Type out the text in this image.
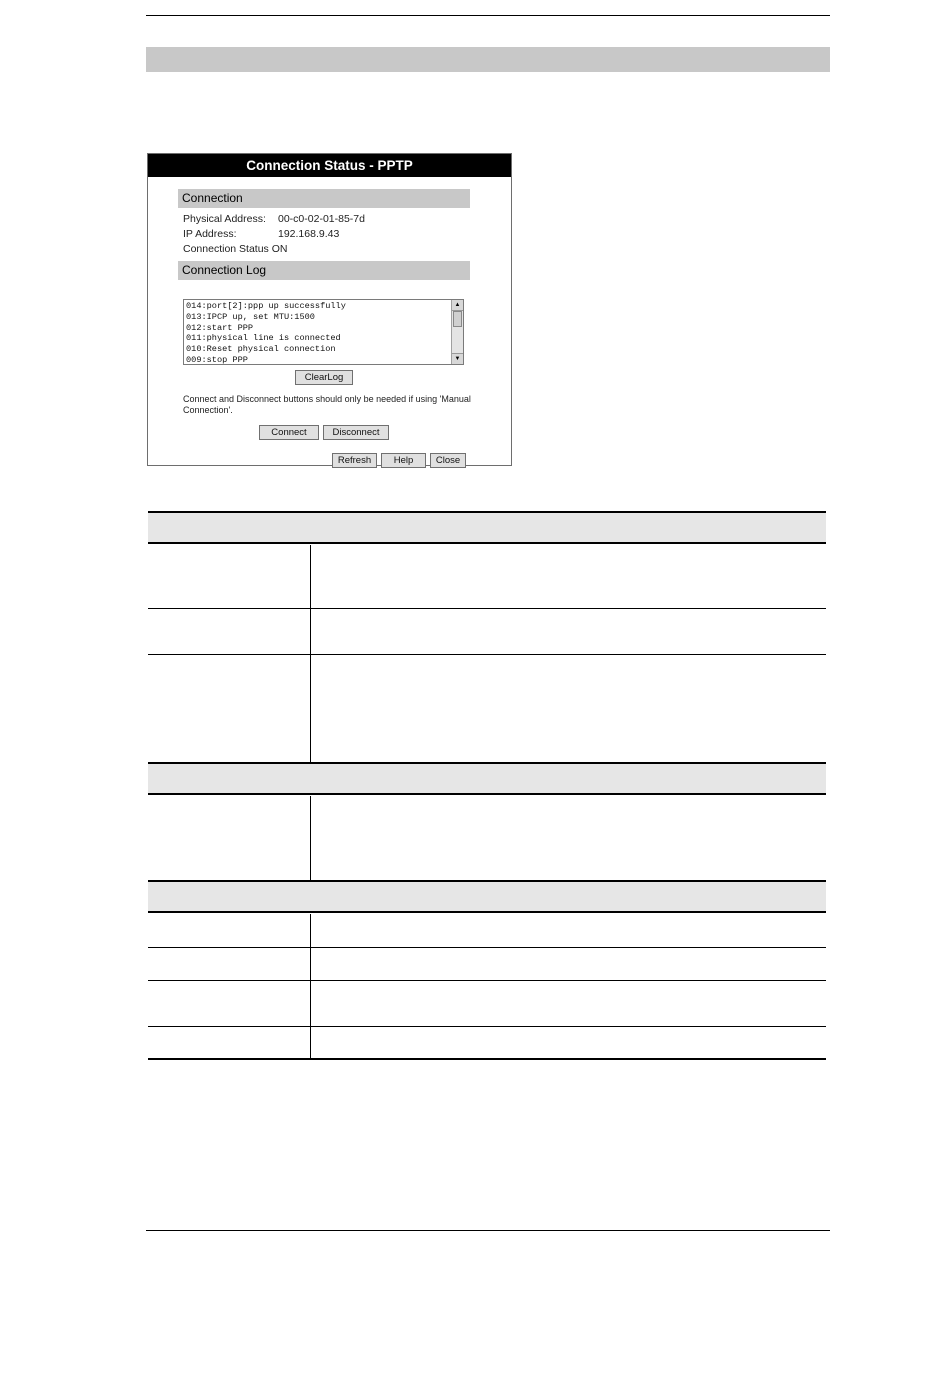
Connection Status - PPTP
Connection
Physical Address: 00-c0-02-01-85-7d
IP Address:	192.168.9.43
Connection Status ON
Connection Log
014:port[2]:ppp up successfully
013:IPCP up, set MTU:1500
012:start PPP
011:physical line is connected
010:Reset physical connection
009:stop PPP
▲
▼
ClearLog
Connect and Disconnect buttons should only be needed if using 'Manual Connection'.
Connect	Disconnect
Refresh	Help	Close
